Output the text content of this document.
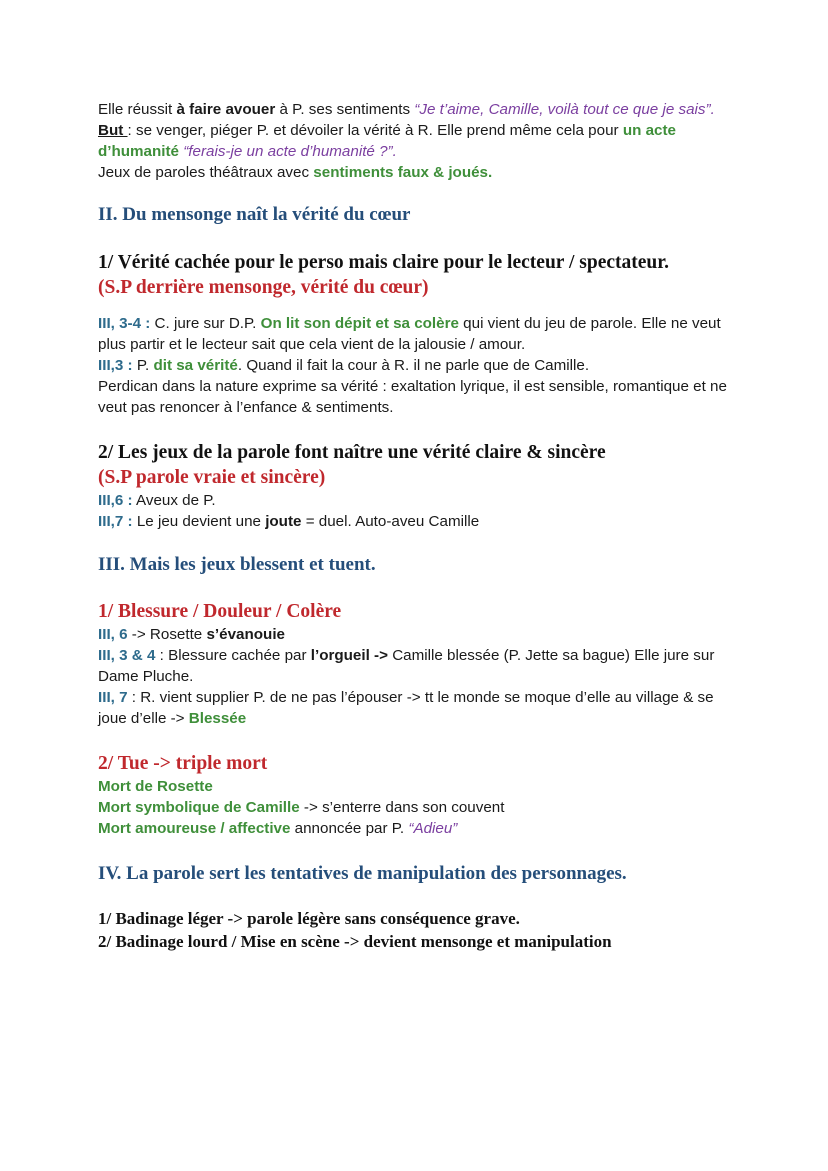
Elle réussit à faire avouer à P. ses sentiments “Je t’aime, Camille, voilà tout ce que je sais”.

But : se venger, piéger P. et dévoiler la vérité à R. Elle prend même cela pour un acte d’humanité “ferais-je un acte d’humanité ?”.

Jeux de paroles théâtraux avec sentiments faux & joués.

II. Du mensonge naît la vérité du cœur

1/ Vérité cachée pour le perso mais claire pour le lecteur / spectateur.

(S.P derrière mensonge, vérité du cœur)

III, 3-4 : C. jure sur D.P. On lit son dépit et sa colère qui vient du jeu de parole. Elle ne veut plus partir et le lecteur sait que cela vient de la jalousie / amour.

III,3 : P. dit sa vérité. Quand il fait la cour à R. il ne parle que de Camille.

Perdican dans la nature exprime sa vérité : exaltation lyrique, il est sensible, romantique et ne veut pas renoncer à l’enfance & sentiments.

2/ Les jeux de la parole font naître une vérité claire & sincère

(S.P parole vraie et sincère)

III,6 : Aveux de P.

III,7 : Le jeu devient une joute = duel. Auto-aveu Camille

III. Mais les jeux blessent et tuent.

1/ Blessure / Douleur / Colère

III, 6 -> Rosette s’évanouie

III, 3 & 4 : Blessure cachée par l’orgueil -> Camille blessée (P. Jette sa bague) Elle jure sur Dame Pluche.

III, 7 : R. vient supplier P. de ne pas l’épouser -> tt le monde se moque d’elle au village & se joue d’elle -> Blessée

2/ Tue -> triple mort

Mort de Rosette

Mort symbolique de Camille -> s’enterre dans son couvent

Mort amoureuse / affective annoncée par P. “Adieu”

IV. La parole sert les tentatives de manipulation des personnages.

1/ Badinage léger -> parole légère sans conséquence grave.

2/ Badinage lourd / Mise en scène -> devient mensonge et manipulation
